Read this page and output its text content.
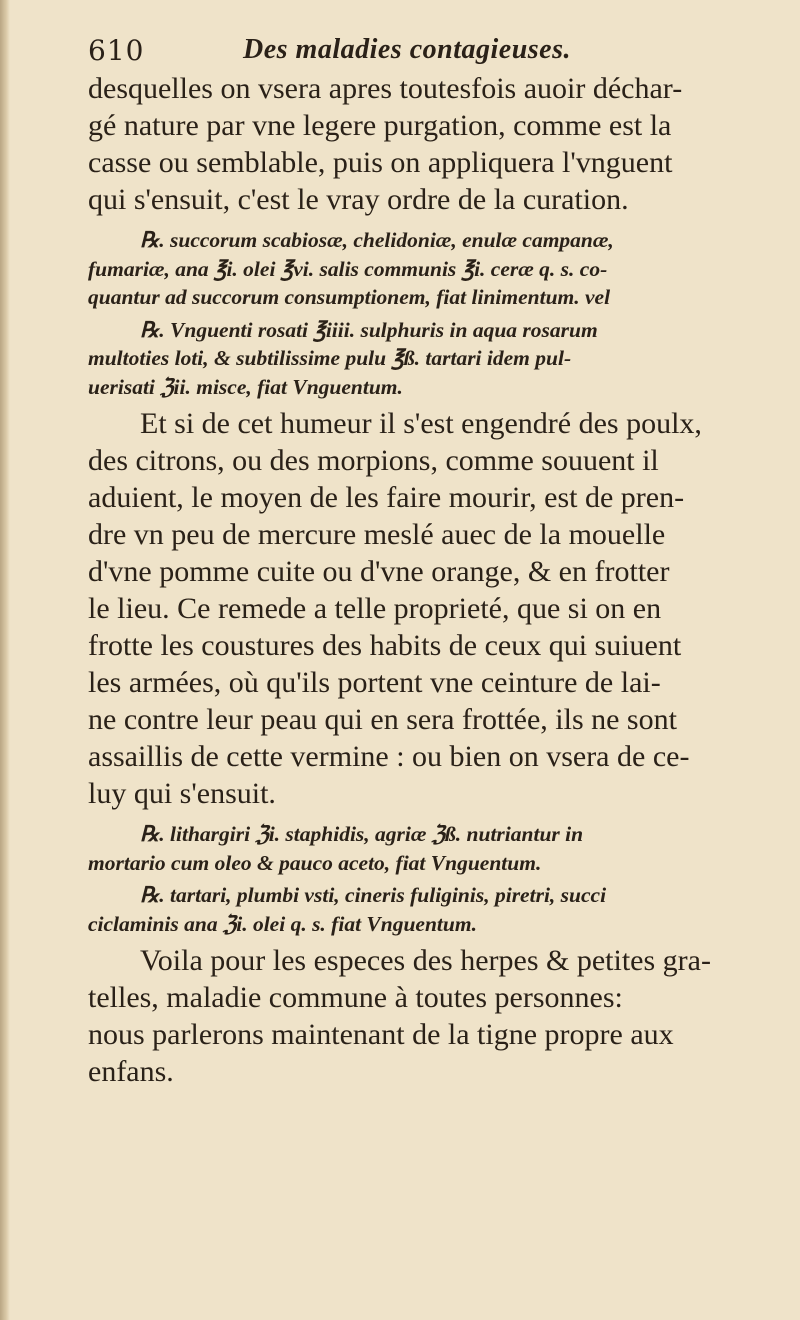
610	Des maladies contagieuses.

desquelles on vsera apres toutesfois auoir déchar-
gé nature par vne legere purgation, comme est la
casse ou semblable, puis on appliquera l'vnguent
qui s'ensuit, c'est le vray ordre de la curation.

℞. succorum scabiosæ, chelidoniæ, enulæ campanæ,
fumariæ, ana ℥i. olei ℥vi. salis communis ℥i. ceræ q. s. co-
quantur ad succorum consumptionem, fiat linimentum. vel

℞. Vnguenti rosati ℥iiii. sulphuris in aqua rosarum
multoties loti, & subtilissime pulu ℥ß. tartari idem pul-
uerisati ℨii. misce, fiat Vnguentum.

Et si de cet humeur il s'est engendré des poulx,
des citrons, ou des morpions, comme souuent il
aduient, le moyen de les faire mourir, est de pren-
dre vn peu de mercure meslé auec de la mouelle
d'vne pomme cuite ou d'vne orange, & en frotter
le lieu. Ce remede a telle proprieté, que si on en
frotte les coustures des habits de ceux qui suiuent
les armées, où qu'ils portent vne ceinture de lai-
ne contre leur peau qui en sera frottée, ils ne sont
assaillis de cette vermine : ou bien on vsera de ce-
luy qui s'ensuit.

℞. lithargiri ℨi. staphidis, agriæ ℨß. nutriantur in
mortario cum oleo & pauco aceto, fiat Vnguentum.

℞. tartari, plumbi vsti, cineris fuliginis, piretri, succi
ciclaminis ana ℨi. olei q. s. fiat Vnguentum.

Voila pour les especes des herpes & petites gra-
telles, maladie commune à toutes personnes:
nous parlerons maintenant de la tigne propre aux
enfans.
